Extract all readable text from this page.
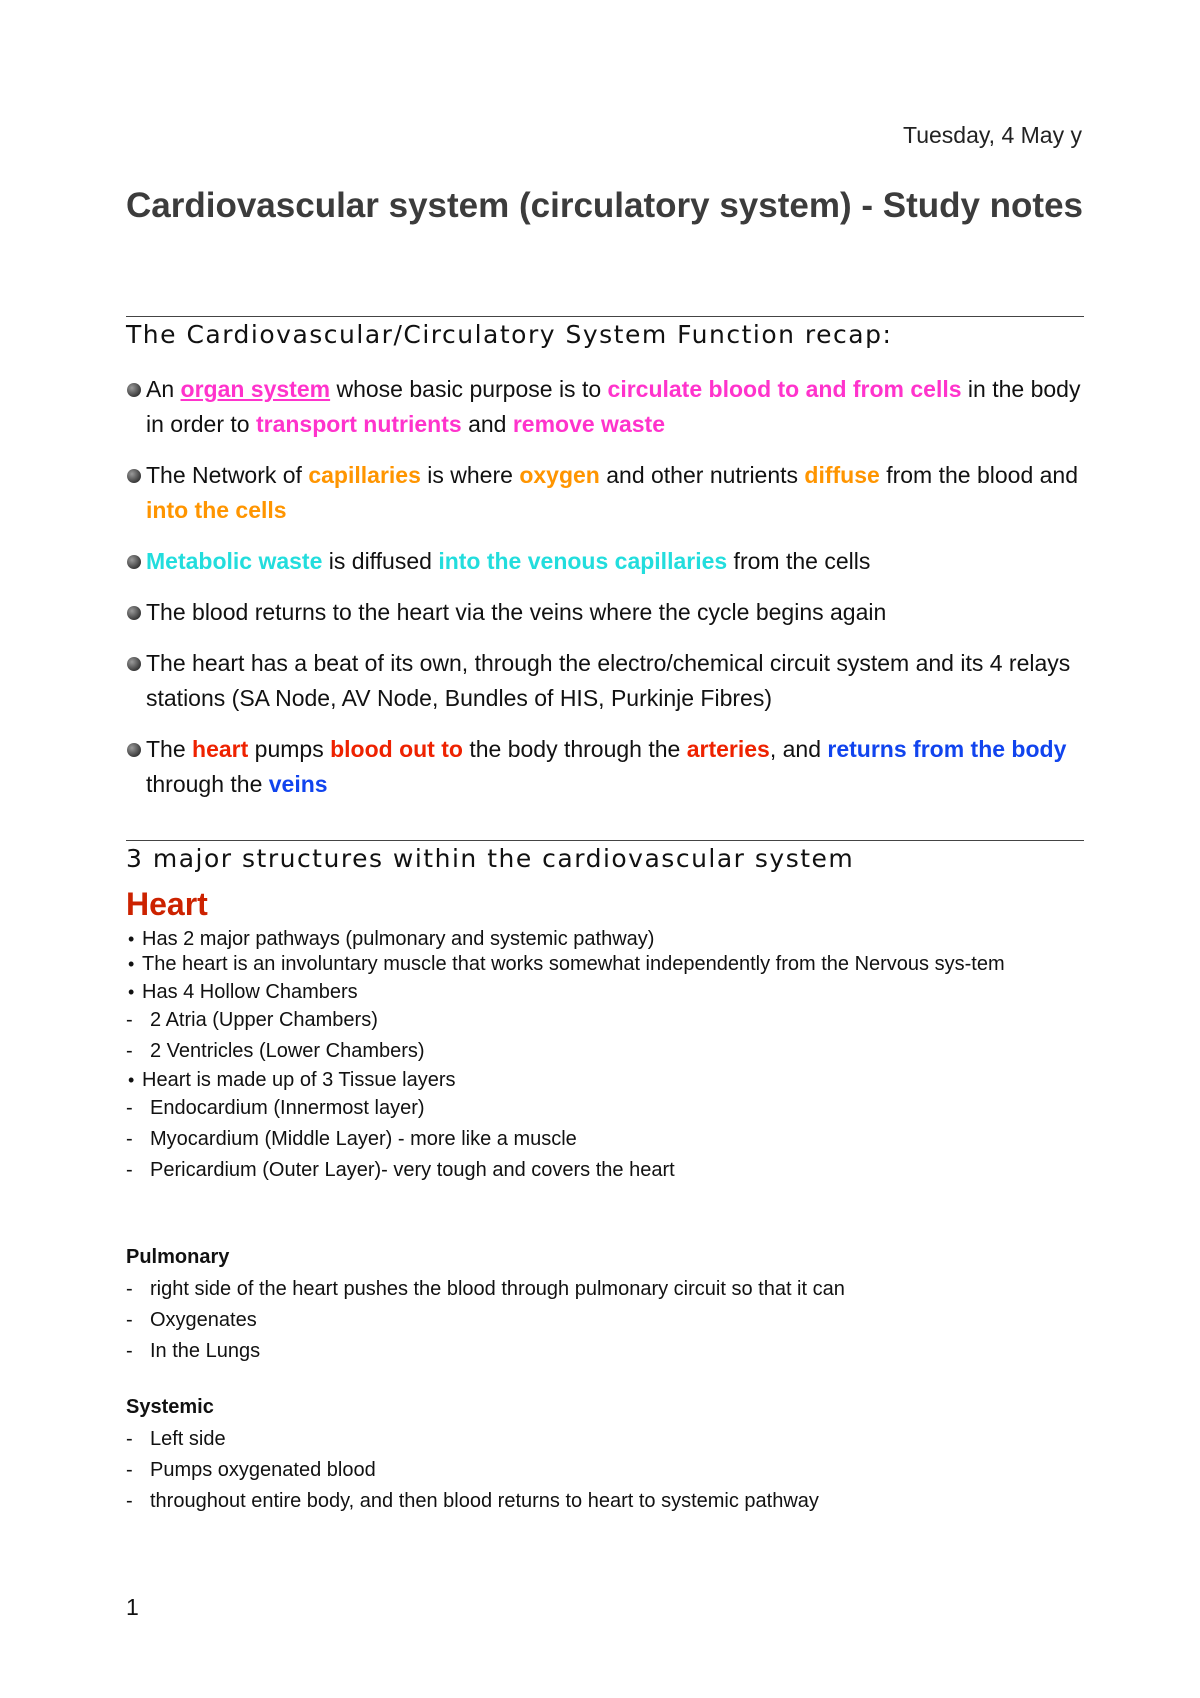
Tuesday, 4 May y
Cardiovascular system (circulatory system) - Study notes
The Cardiovascular/Circulatory System Function recap:
An organ system whose basic purpose is to circulate blood to and from cells in the body in order to transport nutrients and remove waste
The Network of capillaries is where oxygen and other nutrients diffuse from the blood and into the cells
Metabolic waste is diffused into the venous capillaries from the cells
The blood returns to the heart via the veins where the cycle begins again
The heart has a beat of its own, through the electro/chemical circuit system and its 4 relays stations (SA Node, AV Node, Bundles of HIS, Purkinje Fibres)
The heart pumps blood out to the body through the arteries, and returns from the body through the veins
3 major structures within the cardiovascular system
Heart
• Has 2 major pathways (pulmonary and systemic pathway)
• The heart is an involuntary muscle that works somewhat independently from the Nervous sys-tem
• Has 4 Hollow Chambers
- 2 Atria (Upper Chambers)
- 2 Ventricles (Lower Chambers)
• Heart is made up of 3 Tissue layers
- Endocardium (Innermost layer)
- Myocardium (Middle Layer) - more like a muscle
- Pericardium (Outer Layer)- very tough and covers the heart
Pulmonary
- right side of the heart pushes the blood through pulmonary circuit so that it can
- Oxygenates
- In the Lungs
Systemic
- Left side
- Pumps oxygenated blood
- throughout entire body, and then blood returns to heart to systemic pathway
1
